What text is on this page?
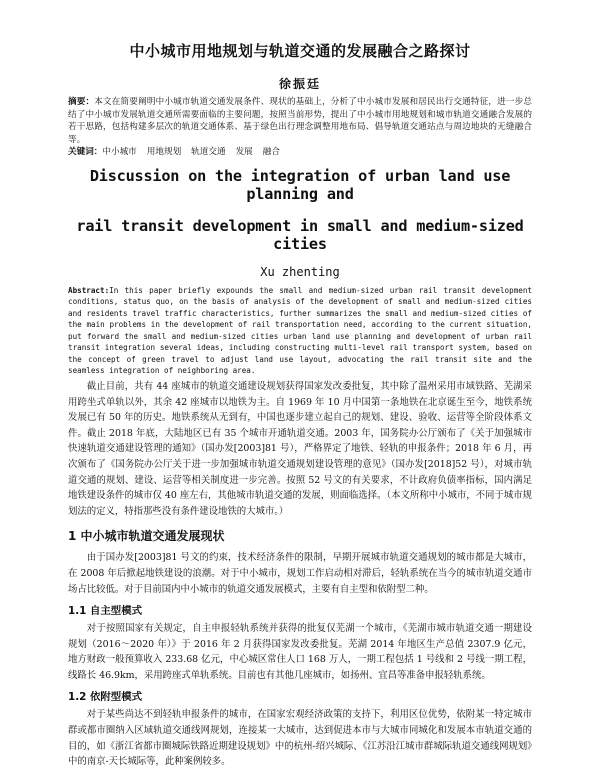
中小城市用地规划与轨道交通的发展融合之路探讨
徐振廷

摘要：本文在简要阐明中小城市轨道交通发展条件、现状的基础上，分析了中小城市发展和居民出行交通特征，进一步总结了中小城市发展轨道交通所需要面临的主要问题，按照当前形势，提出了中小城市用地规划和城市轨道交通融合发展的若干思路，包括构建多层次的轨道交通体系、基于绿色出行理念调整用地布局、倡导轨道交通站点与周边地块的无缝融合等。

关键词：中小城市 用地规划 轨道交通 发展 融合

Discussion on the integration of urban land use planning and
rail transit development in small and medium-sized cities
Xu zhenting

Abstract:In this paper briefly expounds the small and medium-sized urban rail transit development conditions, status quo, on the basis of analysis of the development of small and medium-sized cities and residents travel traffic characteristics, further summarizes the small and medium-sized cities of the main problems in the development of rail transportation need, according to the current situation, put forward the small and medium-sized cities urban land use planning and development of urban rail transit integration several ideas, including constructing multi-level rail transport system, based on the concept of green travel to adjust land use layout, advocating the rail transit site and the seamless integration of neighboring area.

截止目前，共有 44 座城市的轨道交通建设规划获得国家发改委批复，其中除了温州采用市域铁路、芜湖采用跨坐式单轨以外，其余 42 座城市以地铁为主。自 1969 年 10 月中国第一条地铁在北京诞生至今，地铁系统发展已有 50 年的历史。地铁系统从无到有，中国也逐步建立起自己的规划、建设、验收、运营等全阶段体系文件。截止 2018 年底，大陆地区已有 35 个城市开通轨道交通。2003 年，国务院办公厅颁布了《关于加强城市快速轨道交通建设管理的通知》（国办发[2003]81 号），严格界定了地铁、轻轨的申报条件；2018 年 6 月，再次颁布了《国务院办公厅关于进一步加强城市轨道交通规划建设管理的意见》（国办发[2018]52 号），对城市轨道交通的规划、建设、运营等相关制度进一步完善。按照 52 号文的有关要求，不计政府负债率指标，国内满足地铁建设条件的城市仅 40 座左右，其他城市轨道交通的发展，则面临选择。（本文所称中小城市，不同于城市规划法的定义，特指那些没有条件建设地铁的大城市。）

1 中小城市轨道交通发展现状

由于国办发[2003]81 号文的约束，技术经济条件的限制，早期开展城市轨道交通规划的城市都是大城市，在 2008 年后掀起地铁建设的浪潮。对于中小城市，规划工作启动相对滞后，轻轨系统在当今的城市轨道交通市场占比较低。对于目前国内中小城市的轨道交通发展模式，主要有自主型和依附型二种。

1.1 自主型模式

对于按照国家有关规定，自主申报轻轨系统并获得的批复仅芜湖一个城市，《芜湖市城市轨道交通一期建设规划（2016～2020 年）》于 2016 年 2 月获得国家发改委批复。芜湖 2014 年地区生产总值 2307.9 亿元，地方财政一般预算收入 233.68 亿元，中心城区常住人口 168 万人，一期工程包括 1 号线和 2 号线一期工程，线路长 46.9km，采用跨座式单轨系统。目前也有其他几座城市，如扬州、宜昌等准备申报轻轨系统。

1.2 依附型模式

对于某些尚达不到轻轨申报条件的城市，在国家宏观经济政策的支持下，利用区位优势，依附某一特定城市群或都市圈纳入区域轨道交通线网规划，连接某一大城市，达到促进本市与大城市同城化和发展本市轨道交通的目的，如《浙江省都市圈城际铁路近期建设规划》中的杭州-绍兴城际、《江苏沿江城市群城际轨道交通线网规划》中的南京-天长城际等，此种案例较多。
